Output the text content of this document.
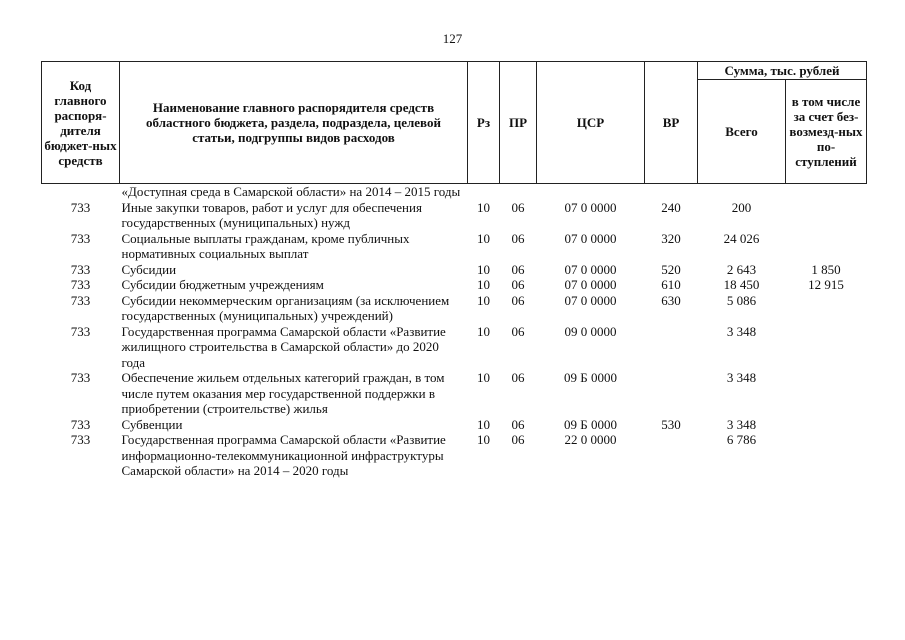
127
Код главного распоря-дителя бюджет-ных средств	Наименование главного распорядителя средств областного бюджета, раздела, подраздела, целевой статьи, подгруппы видов расходов	Рз	ПР	ЦСР	ВР	Сумма, тыс. рублей	
						Всего	в том числе за счет без-возмезд-ных по-ступлений
	«Доступная среда в Самарской области» на 2014 – 2015 годы						
733	Иные закупки товаров, работ и услуг для обеспечения государственных (муниципальных) нужд	10	06	07 0 0000	240	200	
733	Социальные выплаты гражданам, кроме публичных нормативных социальных выплат	10	06	07 0 0000	320	24 026	
733	Субсидии	10	06	07 0 0000	520	2 643	1 850
733	Субсидии бюджетным учреждениям	10	06	07 0 0000	610	18 450	12 915
733	Субсидии некоммерческим организациям (за исключением государственных (муниципальных) учреждений)	10	06	07 0 0000	630	5 086	
733	Государственная программа Самарской области «Развитие жилищного строительства в Самарской области» до 2020 года	10	06	09 0 0000		3 348	
733	Обеспечение жильем отдельных категорий граждан, в том числе путем оказания мер государственной поддержки в приобретении (строительстве) жилья	10	06	09 Б 0000		3 348	
733	Субвенции	10	06	09 Б 0000	530	3 348	
733	Государственная программа Самарской области «Развитие информационно-телекоммуникационной инфраструктуры Самарской области» на 2014 – 2020 годы	10	06	22 0 0000		6 786	
